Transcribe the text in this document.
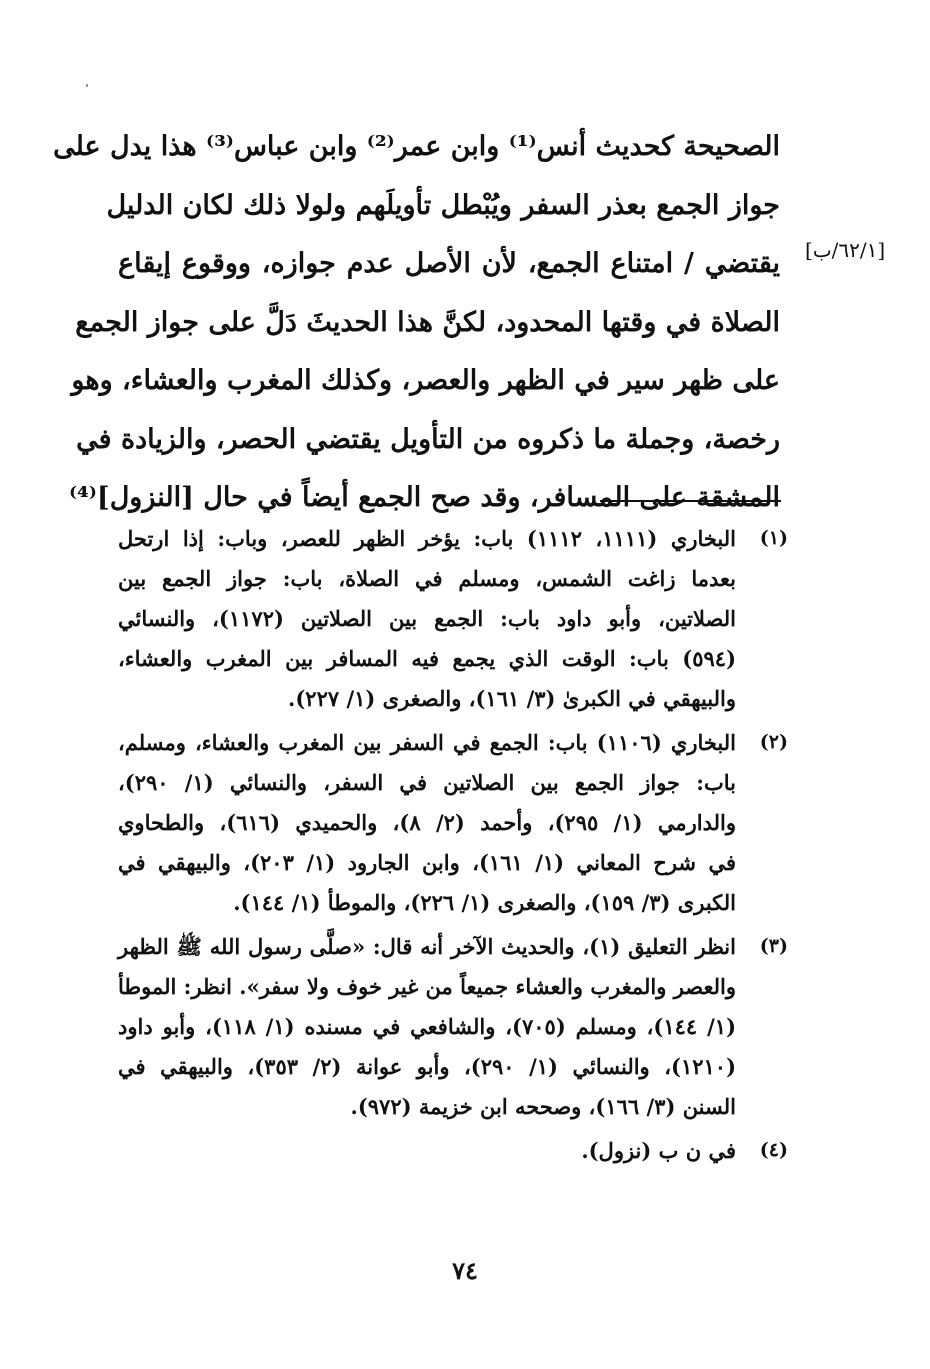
[٦٢/١/ب]
الصحيحة كحديث أنس⁽¹⁾ وابن عمر⁽²⁾ وابن عباس⁽³⁾ هذا يدل على
جواز الجمع بعذر السفر ويُبْطل تأويلَهم ولولا ذلك لكان الدليل
يقتضي / امتناع الجمع، لأن الأصل عدم جوازه، ووقوع إيقاع
الصلاة في وقتها المحدود، لكنَّ هذا الحديثَ دَلَّ على جواز الجمع
على ظهر سير في الظهر والعصر، وكذلك المغرب والعشاء، وهو
رخصة، وجملة ما ذكروه من التأويل يقتضي الحصر، والزيادة في
المشقة على المسافر، وقد صح الجمع أيضاً في حال [النزول]⁽⁴⁾
(١)
البخاري (١١١١، ١١١٢) باب: يؤخر الظهر للعصر، وباب: إذا ارتحل
بعدما زاغت الشمس، ومسلم في الصلاة، باب: جواز الجمع بين
الصلاتين، وأبو داود باب: الجمع بين الصلاتين (١١٧٢)، والنسائي
(٥٩٤) باب: الوقت الذي يجمع فيه المسافر بين المغرب والعشاء،
والبيهقي في الكبرىٰ (٣/ ١٦١)، والصغرى (١/ ٢٢٧).
(٢)
البخاري (١١٠٦) باب: الجمع في السفر بين المغرب والعشاء، ومسلم،
باب: جواز الجمع بين الصلاتين في السفر، والنسائي (١/ ٢٩٠)،
والدارمي (١/ ٢٩٥)، وأحمد (٢/ ٨)، والحميدي (٦١٦)، والطحاوي
في شرح المعاني (١/ ١٦١)، وابن الجارود (١/ ٢٠٣)، والبيهقي في
الكبرى (٣/ ١٥٩)، والصغرى (١/ ٢٢٦)، والموطأ (١/ ١٤٤).
(٣)
انظر التعليق (١)، والحديث الآخر أنه قال: «صلَّى رسول الله ﷺ الظهر
والعصر والمغرب والعشاء جميعاً من غير خوف ولا سفر». انظر: الموطأ
(١/ ١٤٤)، ومسلم (٧٠٥)، والشافعي في مسنده (١/ ١١٨)، وأبو داود
(١٢١٠)، والنسائي (١/ ٢٩٠)، وأبو عوانة (٢/ ٣٥٣)، والبيهقي في
السنن (٣/ ١٦٦)، وصححه ابن خزيمة (٩٧٢).
(٤)
في ن ب (نزول).
٧٤
